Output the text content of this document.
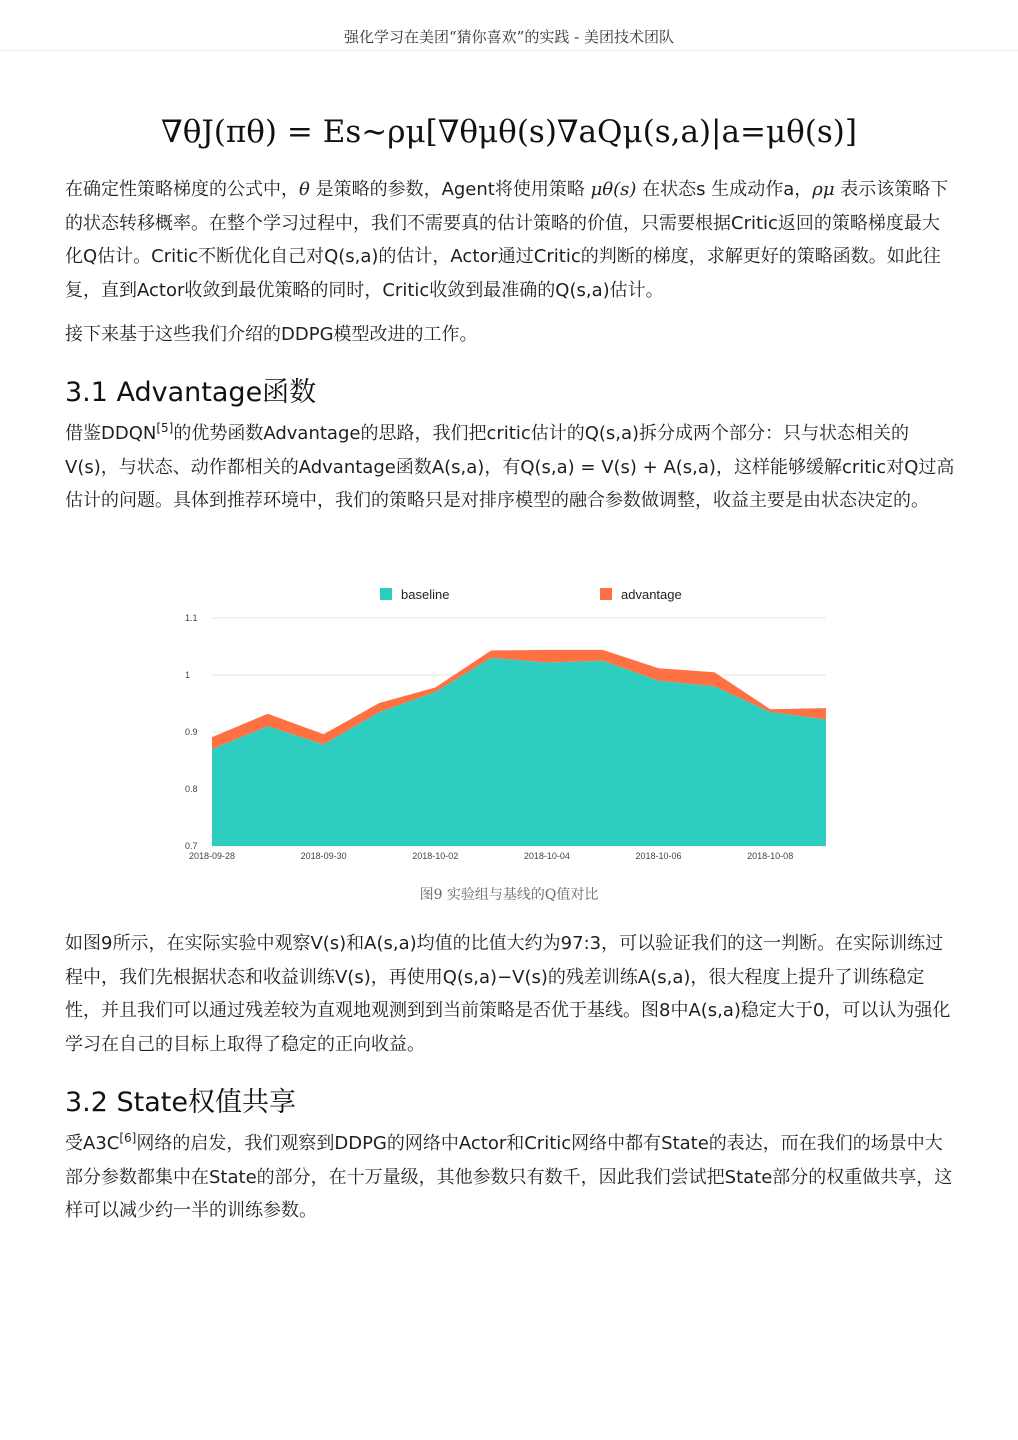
强化学习在美团“猜你喜欢”的实践 - 美团技术团队
∇θJ(πθ) = Es∼ρμ[∇θμθ(s)∇aQμ(s,a)|a=μθ(s)]

在确定性策略梯度的公式中，θ 是策略的参数，Agent将使用策略 μθ(s) 在状态s 生成动作a，ρμ 表示该策略下的状态转移概率。在整个学习过程中，我们不需要真的估计策略的价值，只需要根据Critic返回的策略梯度最大化Q估计。Critic不断优化自己对Q(s,a)的估计，Actor通过Critic的判断的梯度，求解更好的策略函数。如此往复，直到Actor收敛到最优策略的同时，Critic收敛到最准确的Q(s,a)估计。

接下来基于这些我们介绍的DDPG模型改进的工作。

3.1 Advantage函数

借鉴DDQN[5]的优势函数Advantage的思路，我们把critic估计的Q(s,a)拆分成两个部分：只与状态相关的V(s)，与状态、动作都相关的Advantage函数A(s,a)，有Q(s,a) = V(s) + A(s,a)，这样能够缓解critic对Q过高估计的问题。具体到推荐环境中，我们的策略只是对排序模型的融合参数做调整，收益主要是由状态决定的。

0.7
0.8
0.9
1
1.1
2018-09-28	2018-09-30	2018-10-02	2018-10-04	2018-10-06	2018-10-08
baseline	advantage
图9 实验组与基线的Q值对比

如图9所示，在实际实验中观察V(s)和A(s,a)均值的比值大约为97:3，可以验证我们的这一判断。在实际训练过程中，我们先根据状态和收益训练V(s)，再使用Q(s,a)−V(s)的残差训练A(s,a)，很大程度上提升了训练稳定性，并且我们可以通过残差较为直观地观测到到当前策略是否优于基线。图8中A(s,a)稳定大于0，可以认为强化学习在自己的目标上取得了稳定的正向收益。

3.2 State权值共享

受A3C[6]网络的启发，我们观察到DDPG的网络中Actor和Critic网络中都有State的表达，而在我们的场景中大部分参数都集中在State的部分，在十万量级，其他参数只有数千，因此我们尝试把State部分的权重做共享，这样可以减少约一半的训练参数。
